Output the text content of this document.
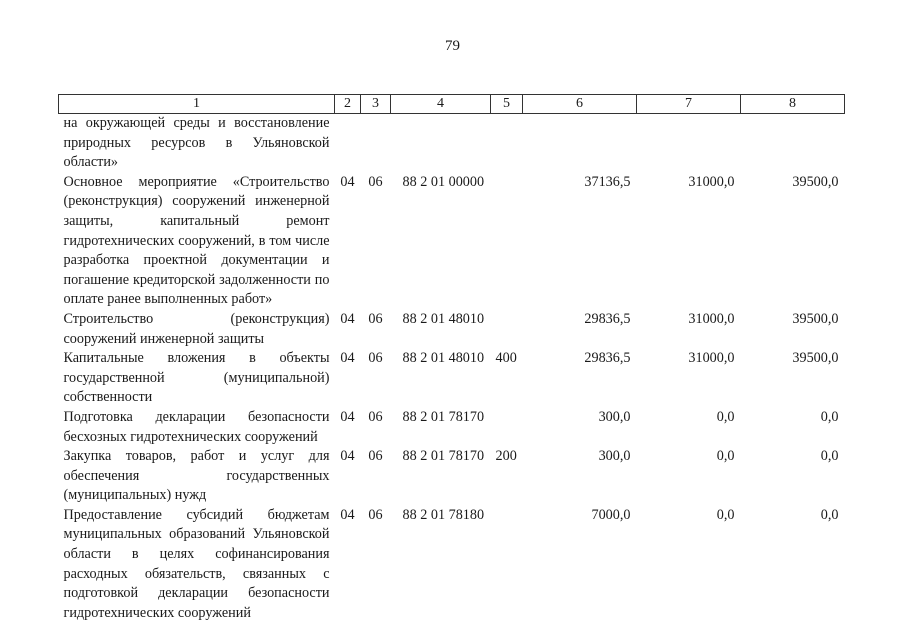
79
1	2	3	4	5	6	7	8
на окружающей среды и восстановление природных ресурсов в Ульяновской области»							
Основное мероприятие «Строительство (реконструкция) сооружений инженерной защиты, капитальный ремонт гидротехнических сооружений, в том числе разработка проектной документации и погашение кредиторской задолженности по оплате ранее выполненных работ»	04	06	88 2 01 00000		37136,5	31000,0	39500,0
Строительство (реконструкция) сооружений инженерной защиты	04	06	88 2 01 48010		29836,5	31000,0	39500,0
Капитальные вложения в объекты государственной (муниципальной) собственности	04	06	88 2 01 48010	400	29836,5	31000,0	39500,0
Подготовка декларации безопасности бесхозных гидротехнических сооружений	04	06	88 2 01 78170		300,0	0,0	0,0
Закупка товаров, работ и услуг для обеспечения государственных (муниципальных) нужд	04	06	88 2 01 78170	200	300,0	0,0	0,0
Предоставление субсидий бюджетам муниципальных образований Ульяновской области в целях софинансирования расходных обязательств, связанных с подготовкой декларации безопасности гидротехнических сооружений	04	06	88 2 01 78180		7000,0	0,0	0,0
